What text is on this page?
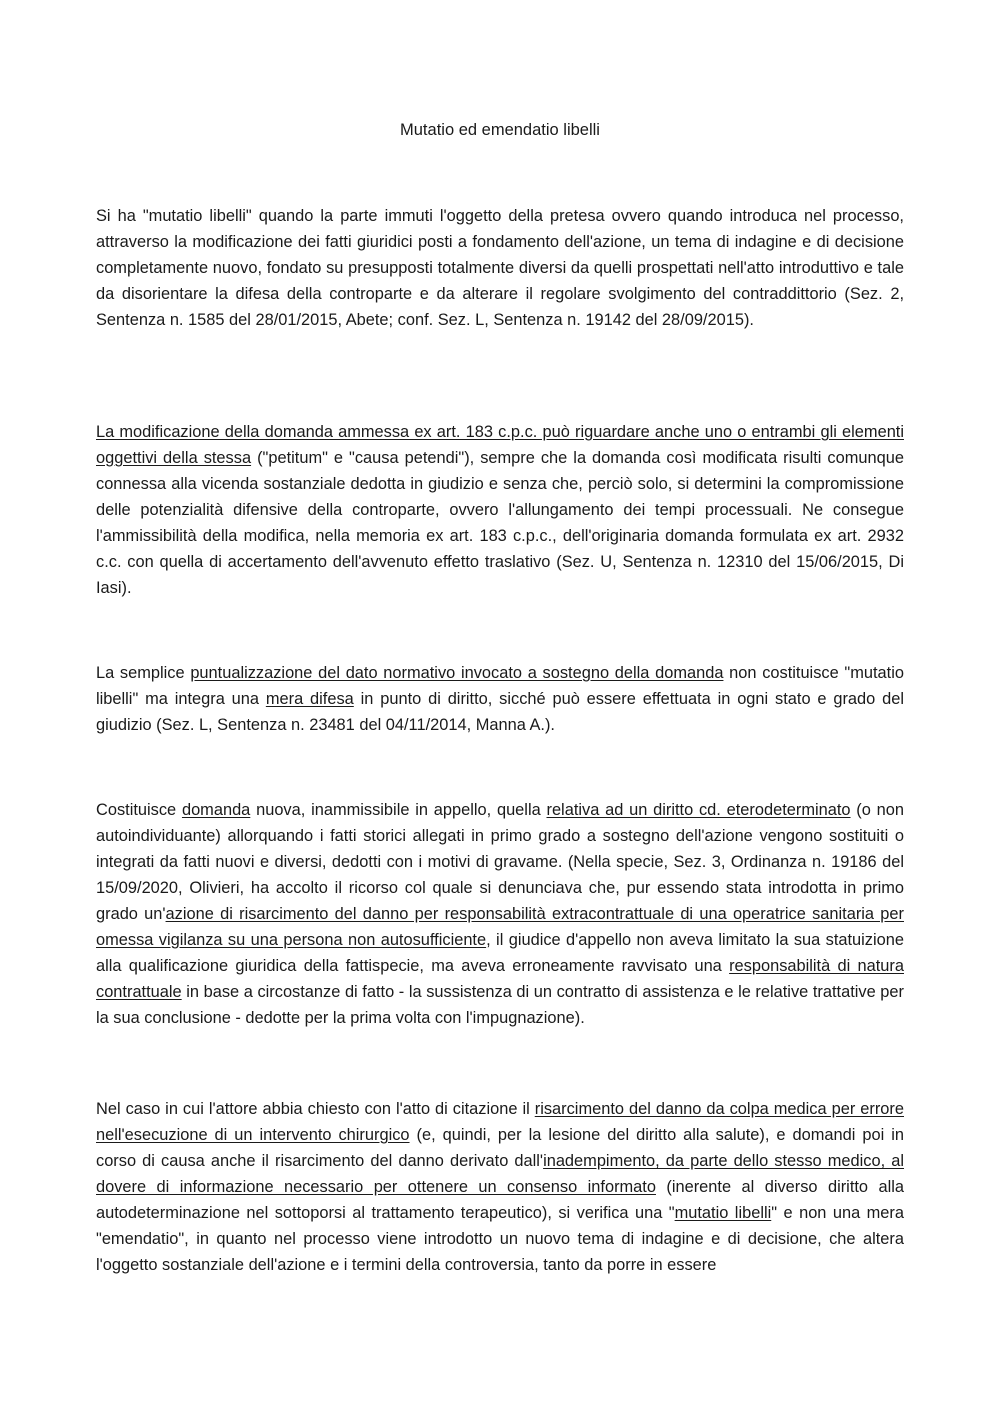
Mutatio ed emendatio libelli

Si ha "mutatio libelli" quando la parte immuti l'oggetto della pretesa ovvero quando introduca nel processo, attraverso la modificazione dei fatti giuridici posti a fondamento dell'azione, un tema di indagine e di decisione completamente nuovo, fondato su presupposti totalmente diversi da quelli prospettati nell'atto introduttivo e tale da disorientare la difesa della controparte e da alterare il regolare svolgimento del contraddittorio (Sez. 2, Sentenza n. 1585 del 28/01/2015, Abete; conf. Sez. L, Sentenza n. 19142 del 28/09/2015).

La modificazione della domanda ammessa ex art. 183 c.p.c. può riguardare anche uno o entrambi gli elementi oggettivi della stessa ("petitum" e "causa petendi"), sempre che la domanda così modificata risulti comunque connessa alla vicenda sostanziale dedotta in giudizio e senza che, perciò solo, si determini la compromissione delle potenzialità difensive della controparte, ovvero l'allungamento dei tempi processuali. Ne consegue l'ammissibilità della modifica, nella memoria ex art. 183 c.p.c., dell'originaria domanda formulata ex art. 2932 c.c. con quella di accertamento dell'avvenuto effetto traslativo (Sez. U, Sentenza n. 12310 del 15/06/2015, Di Iasi).

La semplice puntualizzazione del dato normativo invocato a sostegno della domanda non costituisce "mutatio libelli" ma integra una mera difesa in punto di diritto, sicché può essere effettuata in ogni stato e grado del giudizio (Sez. L, Sentenza n. 23481 del 04/11/2014, Manna A.).

Costituisce domanda nuova, inammissibile in appello, quella relativa ad un diritto cd. eterodeterminato (o non autoindividuante) allorquando i fatti storici allegati in primo grado a sostegno dell'azione vengono sostituiti o integrati da fatti nuovi e diversi, dedotti con i motivi di gravame. (Nella specie, Sez. 3, Ordinanza n. 19186 del 15/09/2020, Olivieri, ha accolto il ricorso col quale si denunciava che, pur essendo stata introdotta in primo grado un'azione di risarcimento del danno per responsabilità extracontrattuale di una operatrice sanitaria per omessa vigilanza su una persona non autosufficiente, il giudice d'appello non aveva limitato la sua statuizione alla qualificazione giuridica della fattispecie, ma aveva erroneamente ravvisato una responsabilità di natura contrattuale in base a circostanze di fatto - la sussistenza di un contratto di assistenza e le relative trattative per la sua conclusione - dedotte per la prima volta con l'impugnazione).

Nel caso in cui l'attore abbia chiesto con l'atto di citazione il risarcimento del danno da colpa medica per errore nell'esecuzione di un intervento chirurgico (e, quindi, per la lesione del diritto alla salute), e domandi poi in corso di causa anche il risarcimento del danno derivato dall'inadempimento, da parte dello stesso medico, al dovere di informazione necessario per ottenere un consenso informato (inerente al diverso diritto alla autodeterminazione nel sottoporsi al trattamento terapeutico), si verifica una "mutatio libelli" e non una mera "emendatio", in quanto nel processo viene introdotto un nuovo tema di indagine e di decisione, che altera l'oggetto sostanziale dell'azione e i termini della controversia, tanto da porre in essere
